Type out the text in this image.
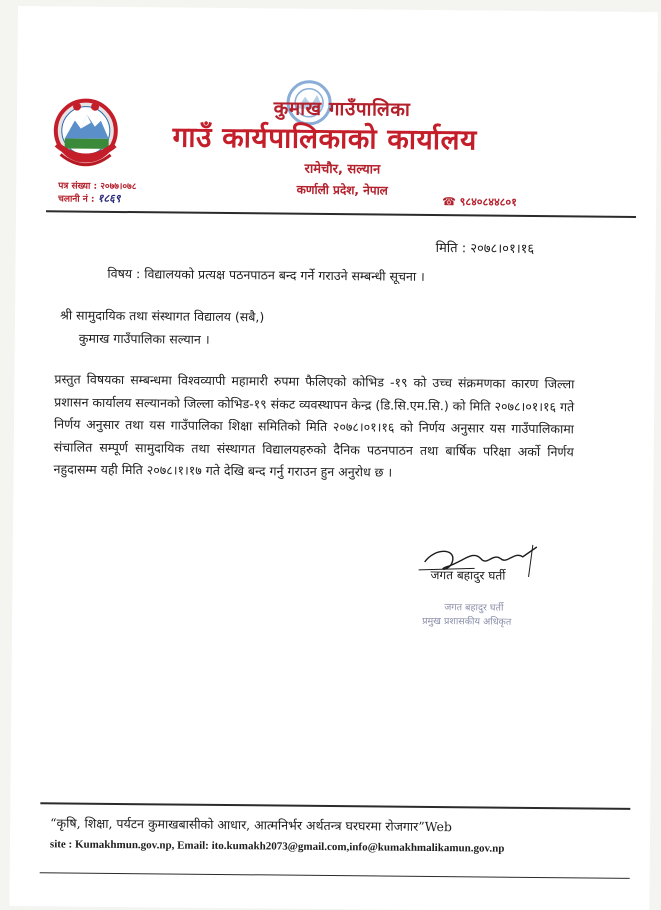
कुमाख गाउँपालिका
गाउँ कार्यपालिकाको कार्यालय
रामेचौर, सल्यान
कर्णाली प्रदेश, नेपाल
पत्र संख्या : २०७७।०७८
चलानी नं : १८६९	☎ ९८४०८४४८०१
मिति : २०७८।०१।१६
विषय : विद्यालयको प्रत्यक्ष पठनपाठन बन्द गर्ने गराउने सम्बन्धी सूचना ।
श्री सामुदायिक तथा संस्थागत विद्यालय (सबै,)
कुमाख गाउँपालिका सल्यान ।
प्रस्तुत विषयका सम्बन्धमा विश्वव्यापी महामारी रुपमा फैलिएको कोभिड -१९ को उच्च संक्रमणका कारण जिल्ला प्रशासन कार्यालय सल्यानको जिल्ला कोभिड-१९ संकट व्यवस्थापन केन्द्र (डि.सि.एम.सि.) को मिति २०७८।०१।१६ गते निर्णय अनुसार तथा यस गाउँपालिका शिक्षा समितिको मिति २०७८।०१।१६ को निर्णय अनुसार यस गाउँपालिकामा संचालित सम्पूर्ण सामुदायिक तथा संस्थागत विद्यालयहरुको दैनिक पठनपाठन तथा बार्षिक परिक्षा अर्को निर्णय नहुदासम्म यही मिति २०७८।१।१७ गते देखि बन्द गर्नु गराउन हुन अनुरोध छ ।
जगत बहादुर घर्ती
जगत बहादुर घर्ती
प्रमुख प्रशासकीय अधिकृत
“कृषि, शिक्षा, पर्यटन कुमाखबासीको आधार, आत्मनिर्भर अर्थतन्त्र घरघरमा रोजगार”Web
site : Kumakhmun.gov.np, Email: ito.kumakh2073@gmail.com,info@kumakhmalikamun.gov.np
